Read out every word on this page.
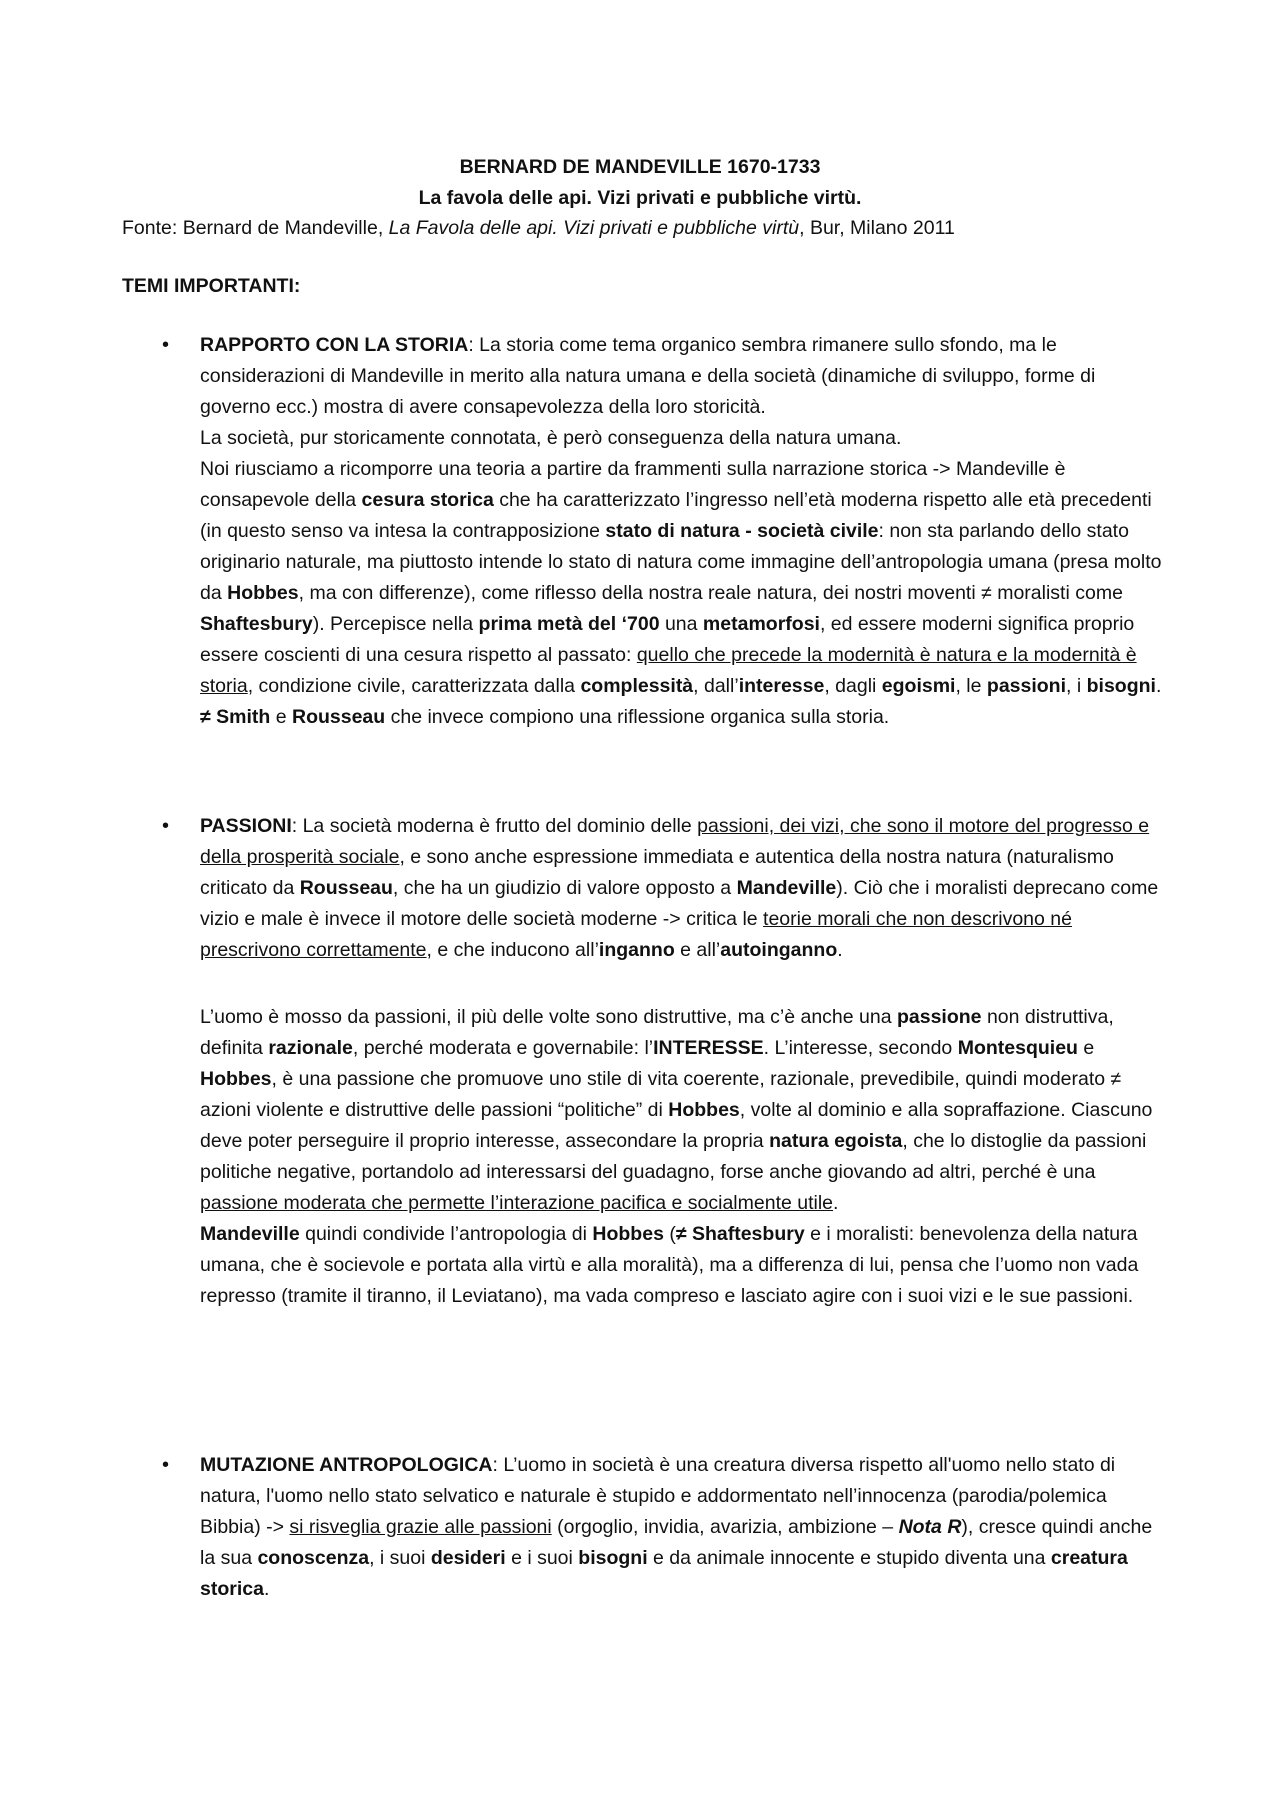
BERNARD DE MANDEVILLE 1670-1733
La favola delle api. Vizi privati e pubbliche virtù.
Fonte: Bernard de Mandeville, La Favola delle api. Vizi privati e pubbliche virtù, Bur, Milano 2011
TEMI IMPORTANTI:
• RAPPORTO CON LA STORIA: La storia come tema organico sembra rimanere sullo sfondo, ma le considerazioni di Mandeville in merito alla natura umana e della società (dinamiche di sviluppo, forme di governo ecc.) mostra di avere consapevolezza della loro storicità.

La società, pur storicamente connotata, è però conseguenza della natura umana.

Noi riusciamo a ricomporre una teoria a partire da frammenti sulla narrazione storica -> Mandeville è consapevole della cesura storica che ha caratterizzato l’ingresso nell’età moderna rispetto alle età precedenti (in questo senso va intesa la contrapposizione stato di natura - società civile: non sta parlando dello stato originario naturale, ma piuttosto intende lo stato di natura come immagine dell’antropologia umana (presa molto da Hobbes, ma con differenze), come riflesso della nostra reale natura, dei nostri moventi ≠ moralisti come Shaftesbury). Percepisce nella prima metà del ‘700 una metamorfosi, ed essere moderni significa proprio essere coscienti di una cesura rispetto al passato: quello che precede la modernità è natura e la modernità è storia, condizione civile, caratterizzata dalla complessità, dall’interesse, dagli egoismi, le passioni, i bisogni.

≠ Smith e Rousseau che invece compiono una riflessione organica sulla storia.

• PASSIONI: La società moderna è frutto del dominio delle passioni, dei vizi, che sono il motore del progresso e della prosperità sociale, e sono anche espressione immediata e autentica della nostra natura (naturalismo criticato da Rousseau, che ha un giudizio di valore opposto a Mandeville). Ciò che i moralisti deprecano come vizio e male è invece il motore delle società moderne -> critica le teorie morali che non descrivono né prescrivono correttamente, e che inducono all’inganno e all’autoinganno.

L’uomo è mosso da passioni, il più delle volte sono distruttive, ma c’è anche una passione non distruttiva, definita razionale, perché moderata e governabile: l’INTERESSE. L’interesse, secondo Montesquieu e Hobbes, è una passione che promuove uno stile di vita coerente, razionale, prevedibile, quindi moderato ≠ azioni violente e distruttive delle passioni “politiche” di Hobbes, volte al dominio e alla sopraffazione. Ciascuno deve poter perseguire il proprio interesse, assecondare la propria natura egoista, che lo distoglie da passioni politiche negative, portandolo ad interessarsi del guadagno, forse anche giovando ad altri, perché è una passione moderata che permette l’interazione pacifica e socialmente utile.

Mandeville quindi condivide l’antropologia di Hobbes (≠ Shaftesbury e i moralisti: benevolenza della natura umana, che è socievole e portata alla virtù e alla moralità), ma a differenza di lui, pensa che l’uomo non vada represso (tramite il tiranno, il Leviatano), ma vada compreso e lasciato agire con i suoi vizi e le sue passioni.

• MUTAZIONE ANTROPOLOGICA: L’uomo in società è una creatura diversa rispetto all'uomo nello stato di natura, l'uomo nello stato selvatico e naturale è stupido e addormentato nell’innocenza (parodia/polemica Bibbia) -> si risveglia grazie alle passioni (orgoglio, invidia, avarizia, ambizione – Nota R), cresce quindi anche la sua conoscenza, i suoi desideri e i suoi bisogni e da animale innocente e stupido diventa una creatura storica.
